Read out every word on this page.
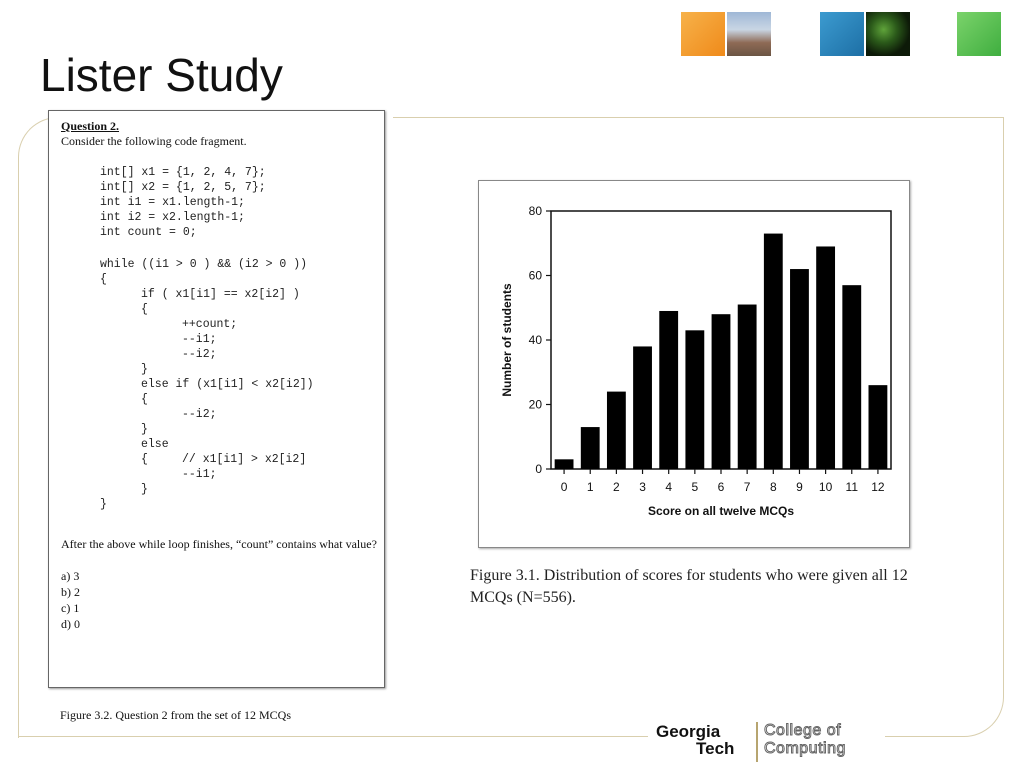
Lister Study
Question 2.
Consider the following code fragment.
int[] x1 = {1, 2, 4, 7};
int[] x2 = {1, 2, 5, 7};
int i1 = x1.length-1;
int i2 = x2.length-1;
int count = 0;
while ((i1 > 0 ) && (i2 > 0 ))
{
if ( x1[i1] == x2[i2] )
{
++count;
--i1;
--i2;
}
else if (x1[i1] < x2[i2])
{
--i2;
}
else
{	// x1[i1] > x2[i2]
--i1;
}
}
After the above while loop finishes, “count” contains what value?
a) 3
b) 2
c) 1
d) 0
Figure 3.2. Question 2 from the set of 12 MCQs
Number of students
Score on all twelve MCQs
0
20
40
60
80
0 1 2 3 4 5 6 7 8 9 10 11 12
Figure 3.1. Distribution of scores for students who were given all 12 MCQs (N=556).
Georgia
Tech
College of
Computing
